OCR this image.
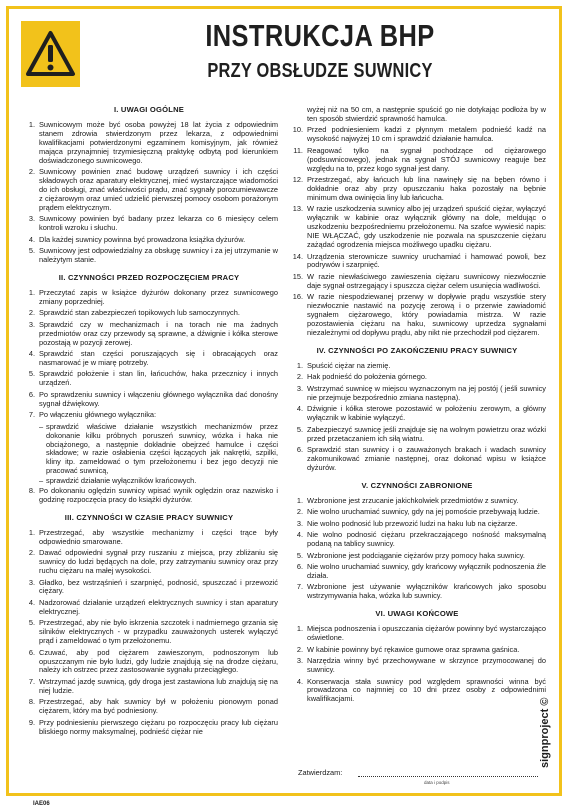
INSTRUKCJA BHP
PRZY OBSŁUDZE SUWNICY
I. UWAGI OGÓLNE
1. Suwnicowym może być osoba powyżej 18 lat życia z odpowiednim stanem zdrowia stwierdzonym przez lekarza, z odpowiednimi kwalifikacjami potwierdzonymi egzaminem komisyjnym, jak również mająca przynajmniej trzymiesięczną praktykę odbytą pod kierunkiem doświadczonego suwnicowego.
2. Suwnicowy powinien znać budowę urządzeń suwnicy i ich części składowych oraz aparatury elektrycznej, mieć wystarczające wiadomości do ich obsługi, znać właściwości prądu, znać sygnały porozumiewawcze z ciężarowym oraz umieć udzielić pierwszej pomocy osobom porażonym prądem elektrycznym.
3. Suwnicowy powinien być badany przez lekarza co 6 miesięcy celem kontroli wzroku i słuchu.
4. Dla każdej suwnicy powinna być prowadzona książka dyżurów.
5. Suwnicowy jest odpowiedzialny za obsługę suwnicy i za jej utrzymanie w należytym stanie.
II. CZYNNOŚCI PRZED ROZPOCZĘCIEM PRACY
1. Przeczytać zapis w książce dyżurów dokonany przez suwnicowego zmiany poprzedniej.
2. Sprawdzić stan zabezpieczeń topikowych lub samoczynnych.
3. Sprawdzić czy w mechanizmach i na torach nie ma żadnych przedmiotów oraz czy przewody są sprawne, a dźwignie i kółka sterowe pozostają w pozycji zerowej.
4. Sprawdzić stan części poruszających się i obracających oraz nasmarować je w miarę potrzeby.
5. Sprawdzić położenie i stan lin, łańcuchów, haka przecznicy i innych urządzeń.
6. Po sprawdzeniu suwnicy i włączeniu głównego wyłącznika dać donośny sygnał dźwiękowy.
7. Po włączeniu głównego wyłącznika:
– sprawdzić właściwe działanie wszystkich mechanizmów przez dokonanie kilku próbnych poruszeń suwnicy, wózka i haka nie obciążonego, a następnie dokładnie obejrzeć hamulce i części składowe; w razie osłabienia części łączących jak nakrętki, szpilki, kliny itp. zameldować o tym przełożonemu i bez jego decyzji nie pracować suwnicą,
– sprawdzić działanie wyłączników krańcowych.
8. Po dokonaniu oględzin suwnicy wpisać wynik oględzin oraz nazwisko i godzinę rozpoczęcia pracy do książki dyżurów.
III. CZYNNOŚCI W CZASIE PRACY SUWNICY
1. Przestrzegać, aby wszystkie mechanizmy i części trące były odpowiednio smarowane.
2. Dawać odpowiedni sygnał przy ruszaniu z miejsca, przy zbliżaniu się suwnicy do ludzi będących na dole, przy zatrzymaniu suwnicy oraz przy ruchu ciężaru na małej wysokości.
3. Gładko, bez wstrząśnień i szarpnięć, podnosić, spuszczać i przewozić ciężary.
4. Nadzorować działanie urządzeń elektrycznych suwnicy i stan aparatury elektrycznej.
5. Przestrzegać, aby nie było iskrzenia szczotek i nadmiernego grzania się silników elektrycznych - w przypadku zauważonych usterek wyłączyć prąd i zameldować o tym przełożonemu.
6. Czuwać, aby pod ciężarem zawieszonym, podnoszonym lub opuszczanym nie było ludzi, gdy ludzie znajdują się na drodze ciężaru, należy ich ostrzec przez zastosowanie sygnału przeciągłego.
7. Wstrzymać jazdę suwnicą, gdy droga jest zastawiona lub znajdują się na niej ludzie.
8. Przestrzegać, aby hak suwnicy był w położeniu pionowym ponad ciężarem, który ma być podniesiony.
9. Przy podniesieniu pierwszego ciężaru po rozpoczęciu pracy lub ciężaru bliskiego normy maksymalnej, podnieść ciężar nie
wyżej niż na 50 cm, a następnie spuścić go nie dotykając podłoża by w ten sposób stwierdzić sprawność hamulca.
10. Przed podniesieniem kadzi z płynnym metalem podnieść kadź na wysokość najwyżej 10 cm i sprawdzić działanie hamulca.
11. Reagować tylko na sygnał pochodzące od ciężarowego (podsuwnicowego), jednak na sygnał STÓJ suwnicowy reaguje bez względu na to, przez kogo sygnał jest dany.
12. Przestrzegać, aby łańcuch lub lina nawinęły się na bęben równo i dokładnie oraz aby przy opuszczaniu haka pozostały na bębnie minimum dwa owinięcia liny lub łańcucha.
13. W razie uszkodzenia suwnicy albo jej urządzeń spuścić ciężar, wyłączyć wyłącznik w kabinie oraz wyłącznik główny na dole, meldując o uszkodzeniu bezpośredniemu przełożonemu. Na szafce wywiesić napis: NIE WŁĄCZAĆ, gdy uszkodzenie nie pozwala na spuszczenie ciężaru zażądać ogrodzenia miejsca możliwego upadku ciężaru.
14. Urządzenia sterownicze suwnicy uruchamiać i hamować powoli, bez podrywów i szarpnięć.
15. W razie niewłaściwego zawieszenia ciężaru suwnicowy niezwłocznie daje sygnał ostrzegający i spuszcza ciężar celem usunięcia wadliwości.
16. W razie niespodziewanej przerwy w dopływie prądu wszystkie stery niezwłocznie nastawić na pozycję zerową i o przerwie zawiadomić sygnałem ciężarowego, który powiadamia mistrza. W razie pozostawienia ciężaru na haku, suwnicowy uprzedza sygnałami niezależnymi od dopływu prądu, aby nikt nie przechodził pod ciężarem.
IV. CZYNNOŚCI PO ZAKOŃCZENIU PRACY SUWNICY
1. Spuścić ciężar na ziemię.
2. Hak podnieść do położenia górnego.
3. Wstrzymać suwnicę w miejscu wyznaczonym na jej postój ( jeśli suwnicy nie przejmuje bezpośrednio zmiana następna).
4. Dźwignie i kółka sterowe pozostawić w położeniu zerowym, a główny wyłącznik w kabinie wyłączyć.
5. Zabezpieczyć suwnicę jeśli znajduje się na wolnym powietrzu oraz wózki przed przetaczaniem ich siłą wiatru.
6. Sprawdzić stan suwnicy i o zauważonych brakach i wadach suwnicy zakomunikować zmianie następnej, oraz dokonać wpisu w książce dyżurów.
V. CZYNNOŚCI ZABRONIONE
1. Wzbronione jest zrzucanie jakichkolwiek przedmiotów z suwnicy.
2. Nie wolno uruchamiać suwnicy, gdy na jej pomoście przebywają ludzie.
3. Nie wolno podnosić lub przewozić ludzi na haku lub na ciężarze.
4. Nie wolno podnosić ciężaru przekraczającego nośność maksymalną podaną na tablicy suwnicy.
5. Wzbronione jest podciąganie ciężarów przy pomocy haka suwnicy.
6. Nie wolno uruchamiać suwnicy, gdy krańcowy wyłącznik podnoszenia źle działa.
7. Wzbronione jest używanie wyłączników krańcowych jako sposobu wstrzymywania haka, wózka lub suwnicy.
VI. UWAGI KOŃCOWE
1. Miejsca podnoszenia i opuszczania ciężarów powinny być wystarczająco oświetlone.
2. W kabinie powinny być rękawice gumowe oraz sprawna gaśnica.
3. Narzędzia winny być przechowywane w skrzynce przymocowanej do suwnicy.
4. Konserwacja stała suwnicy pod względem sprawności winna być prowadzona co najmniej co 10 dni przez osoby z odpowiednimi kwalifikacjami.
Zatwierdzam:
data i podpis
signproject ©
IAE06
